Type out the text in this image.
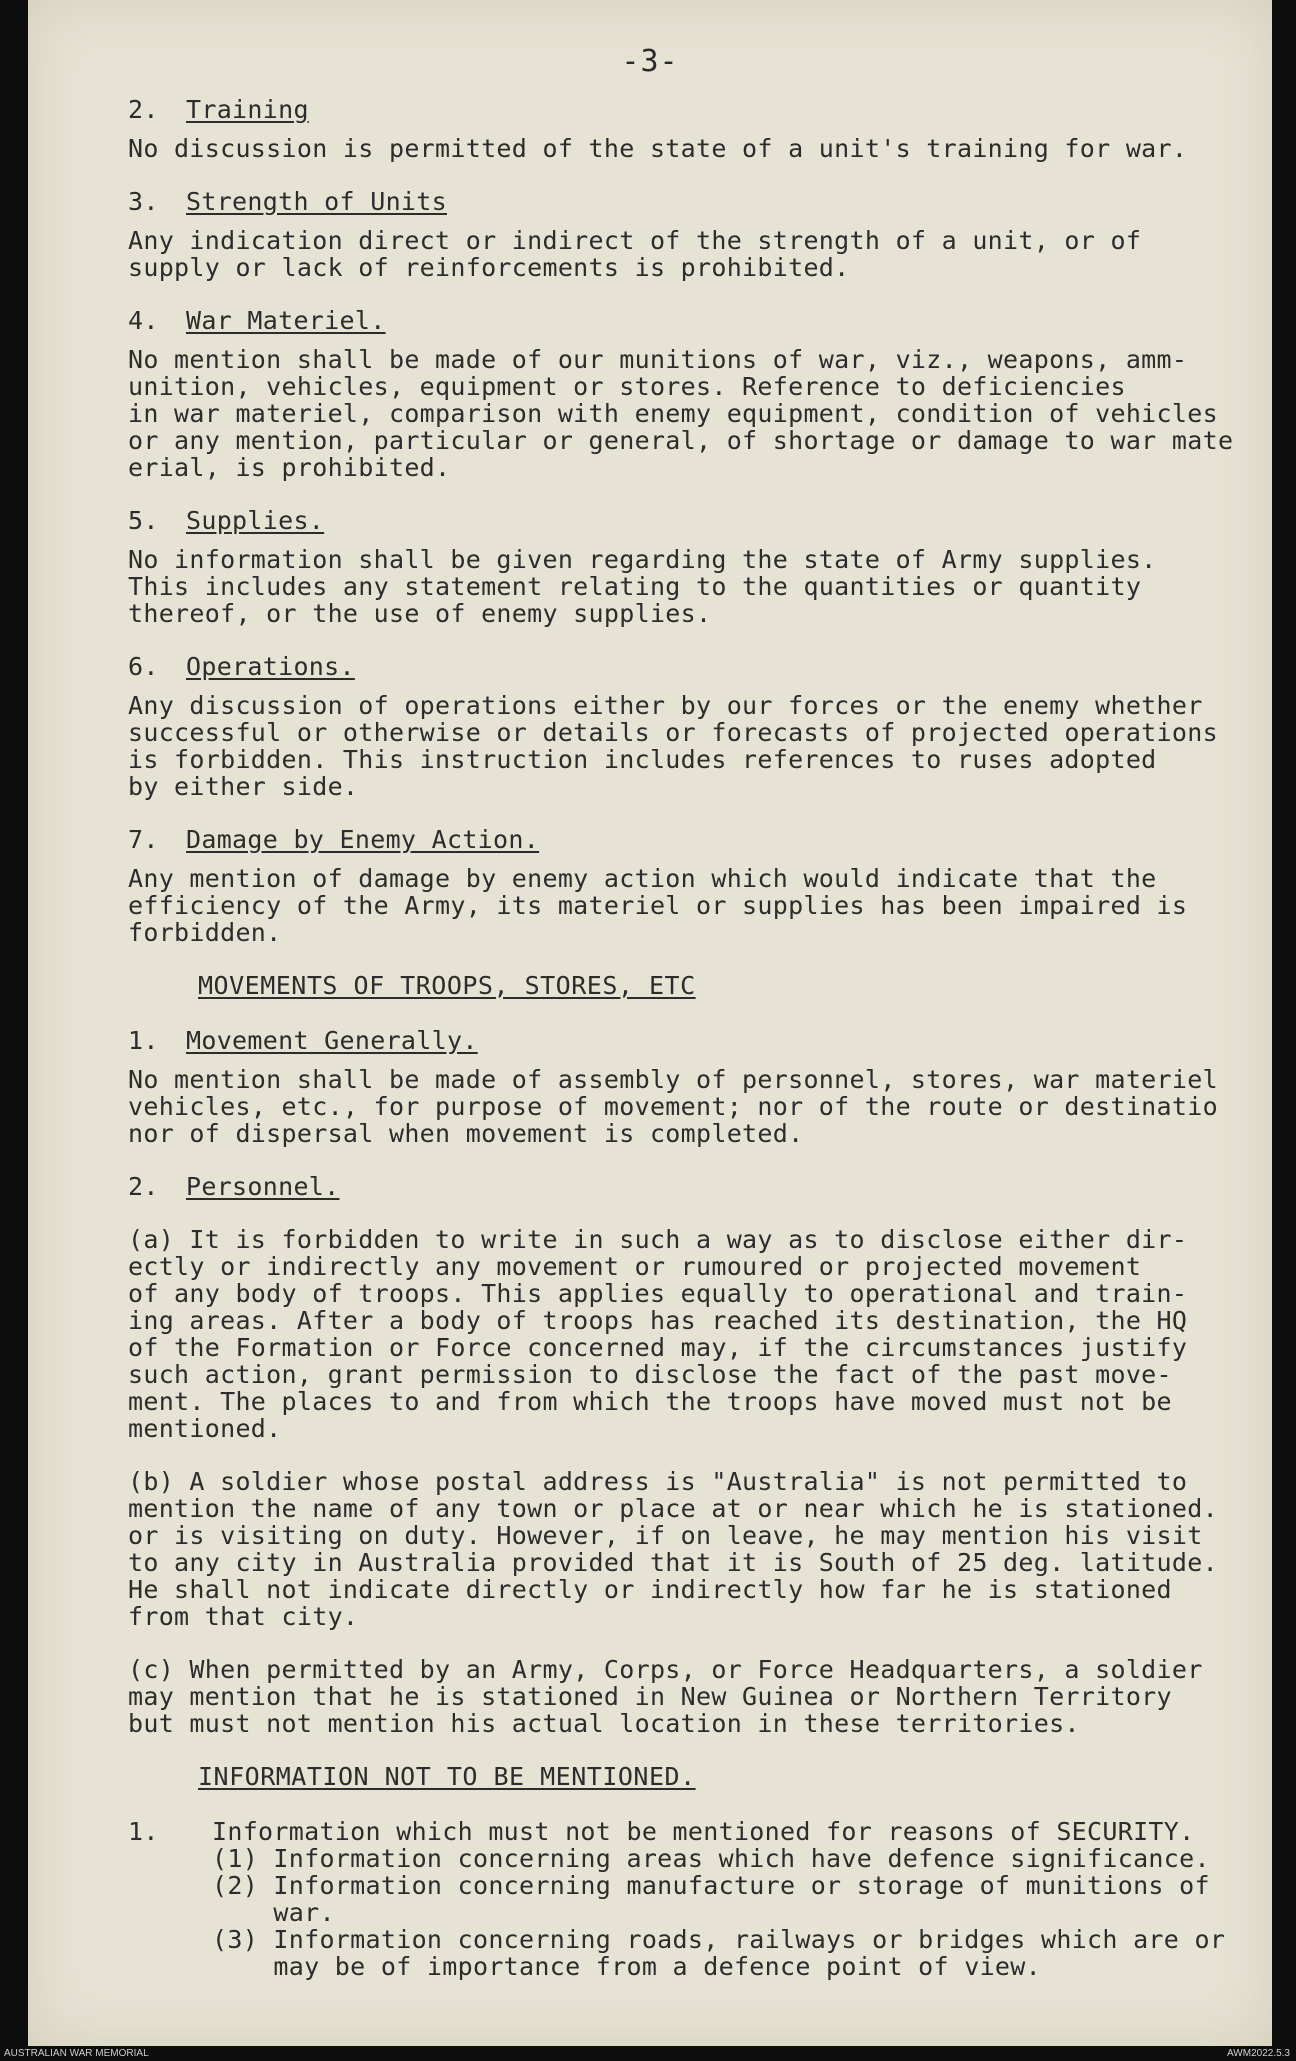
-3-
2. Training
No discussion is permitted of the state of a unit's training for war.
3. Strength of Units
Any indication direct or indirect of the strength of a unit, or of
supply or lack of reinforcements is prohibited.
4. War Materiel.
No mention shall be made of our munitions of war, viz., weapons, amm-
unition, vehicles, equipment or stores. Reference to deficiencies
in war materiel, comparison with enemy equipment, condition of vehicles
or any mention, particular or general, of shortage or damage to war mate
erial, is prohibited.
5. Supplies.
No information shall be given regarding the state of Army supplies.
This includes any statement relating to the quantities or quantity
thereof, or the use of enemy supplies.
6. Operations.
Any discussion of operations either by our forces or the enemy whether
successful or otherwise or details or forecasts of projected operations
is forbidden. This instruction includes references to ruses adopted
by either side.
7. Damage by Enemy Action.
Any mention of damage by enemy action which would indicate that the
efficiency of the Army, its materiel or supplies has been impaired is
forbidden.
MOVEMENTS OF TROOPS, STORES, ETC
1. Movement Generally.
No mention shall be made of assembly of personnel, stores, war materiel
vehicles, etc., for purpose of movement; nor of the route or destinatio
nor of dispersal when movement is completed.
2. Personnel.
(a) It is forbidden to write in such a way as to disclose either dir-
ectly or indirectly any movement or rumoured or projected movement
of any body of troops. This applies equally to operational and train-
ing areas. After a body of troops has reached its destination, the HQ
of the Formation or Force concerned may, if the circumstances justify
such action, grant permission to disclose the fact of the past move-
ment. The places to and from which the troops have moved must not be
mentioned.
(b) A soldier whose postal address is "Australia" is not permitted to
mention the name of any town or place at or near which he is stationed.
or is visiting on duty. However, if on leave, he may mention his visit
to any city in Australia provided that it is South of 25 deg. latitude.
He shall not indicate directly or indirectly how far he is stationed
from that city.
(c) When permitted by an Army, Corps, or Force Headquarters, a soldier
may mention that he is stationed in New Guinea or Northern Territory
but must not mention his actual location in these territories.
INFORMATION NOT TO BE MENTIONED.
1. Information which must not be mentioned for reasons of SECURITY.
(1) Information concerning areas which have defence significance.
(2) Information concerning manufacture or storage of munitions of
war.
(3) Information concerning roads, railways or bridges which are or
may be of importance from a defence point of view.
AUSTRALIAN WAR MEMORIAL	AWM2022.5.3
